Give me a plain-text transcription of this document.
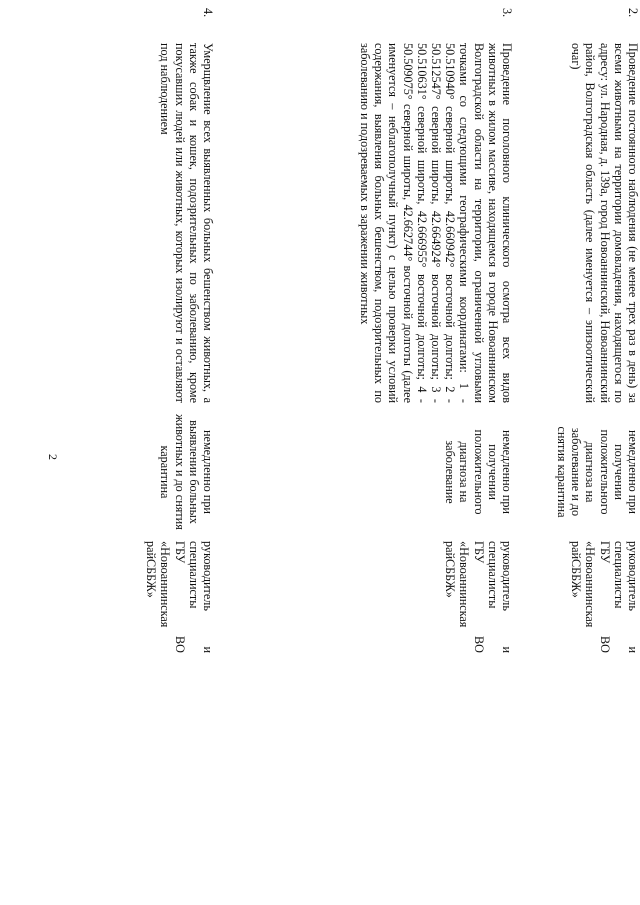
2
2.
Проведение постоянного наблюдения (не менее трех раз в день) за всеми животными на территории домовладения, находящегося по адресу: ул. Народная, д. 139а, город Новоаннинский, Новоаннинский район, Волгоградская область (далее именуется – эпизоотический очаг)
немедленно при получении положительного диагноза на заболевание и до снятия карантина
руководитель и специалисты
ГБУ ВО «Новоаннинская
райСББЖ»
3.
Проведение поголовного клинического осмотра всех видов животных в жилом массиве, находящемся в городе Новоаннинском Волгоградской области на территории, ограниченной угловыми точками со следующими географическими координатами: 1 - 50.510940° северной широты, 42.660942° восточной долготы; 2 - 50.512547° северной широты, 42.664924° восточной долготы; 3 - 50.510631° северной широты, 42.666955° восточной долготы; 4 - 50.509075° северной широты, 42.662744° восточной долготы (далее именуется – неблагополучный пункт) с целью проверки условий содержания, выявления больных бешенством, подозрительных по заболеванию и подозреваемых в заражении животных
немедленно при получении положительного диагноза на заболевание
руководитель и специалисты
ГБУ ВО «Новоаннинская
райСББЖ»
4.
Умерщвление всех выявленных больных бешенством животных, а также собак и кошек, подозрительных по заболеванию, кроме покусавших людей или животных, которых изолируют и оставляют под наблюдением
немедленно при выявлении больных животных и до снятия карантина
руководитель и специалисты
ГБУ ВО «Новоаннинская
райСББЖ»
